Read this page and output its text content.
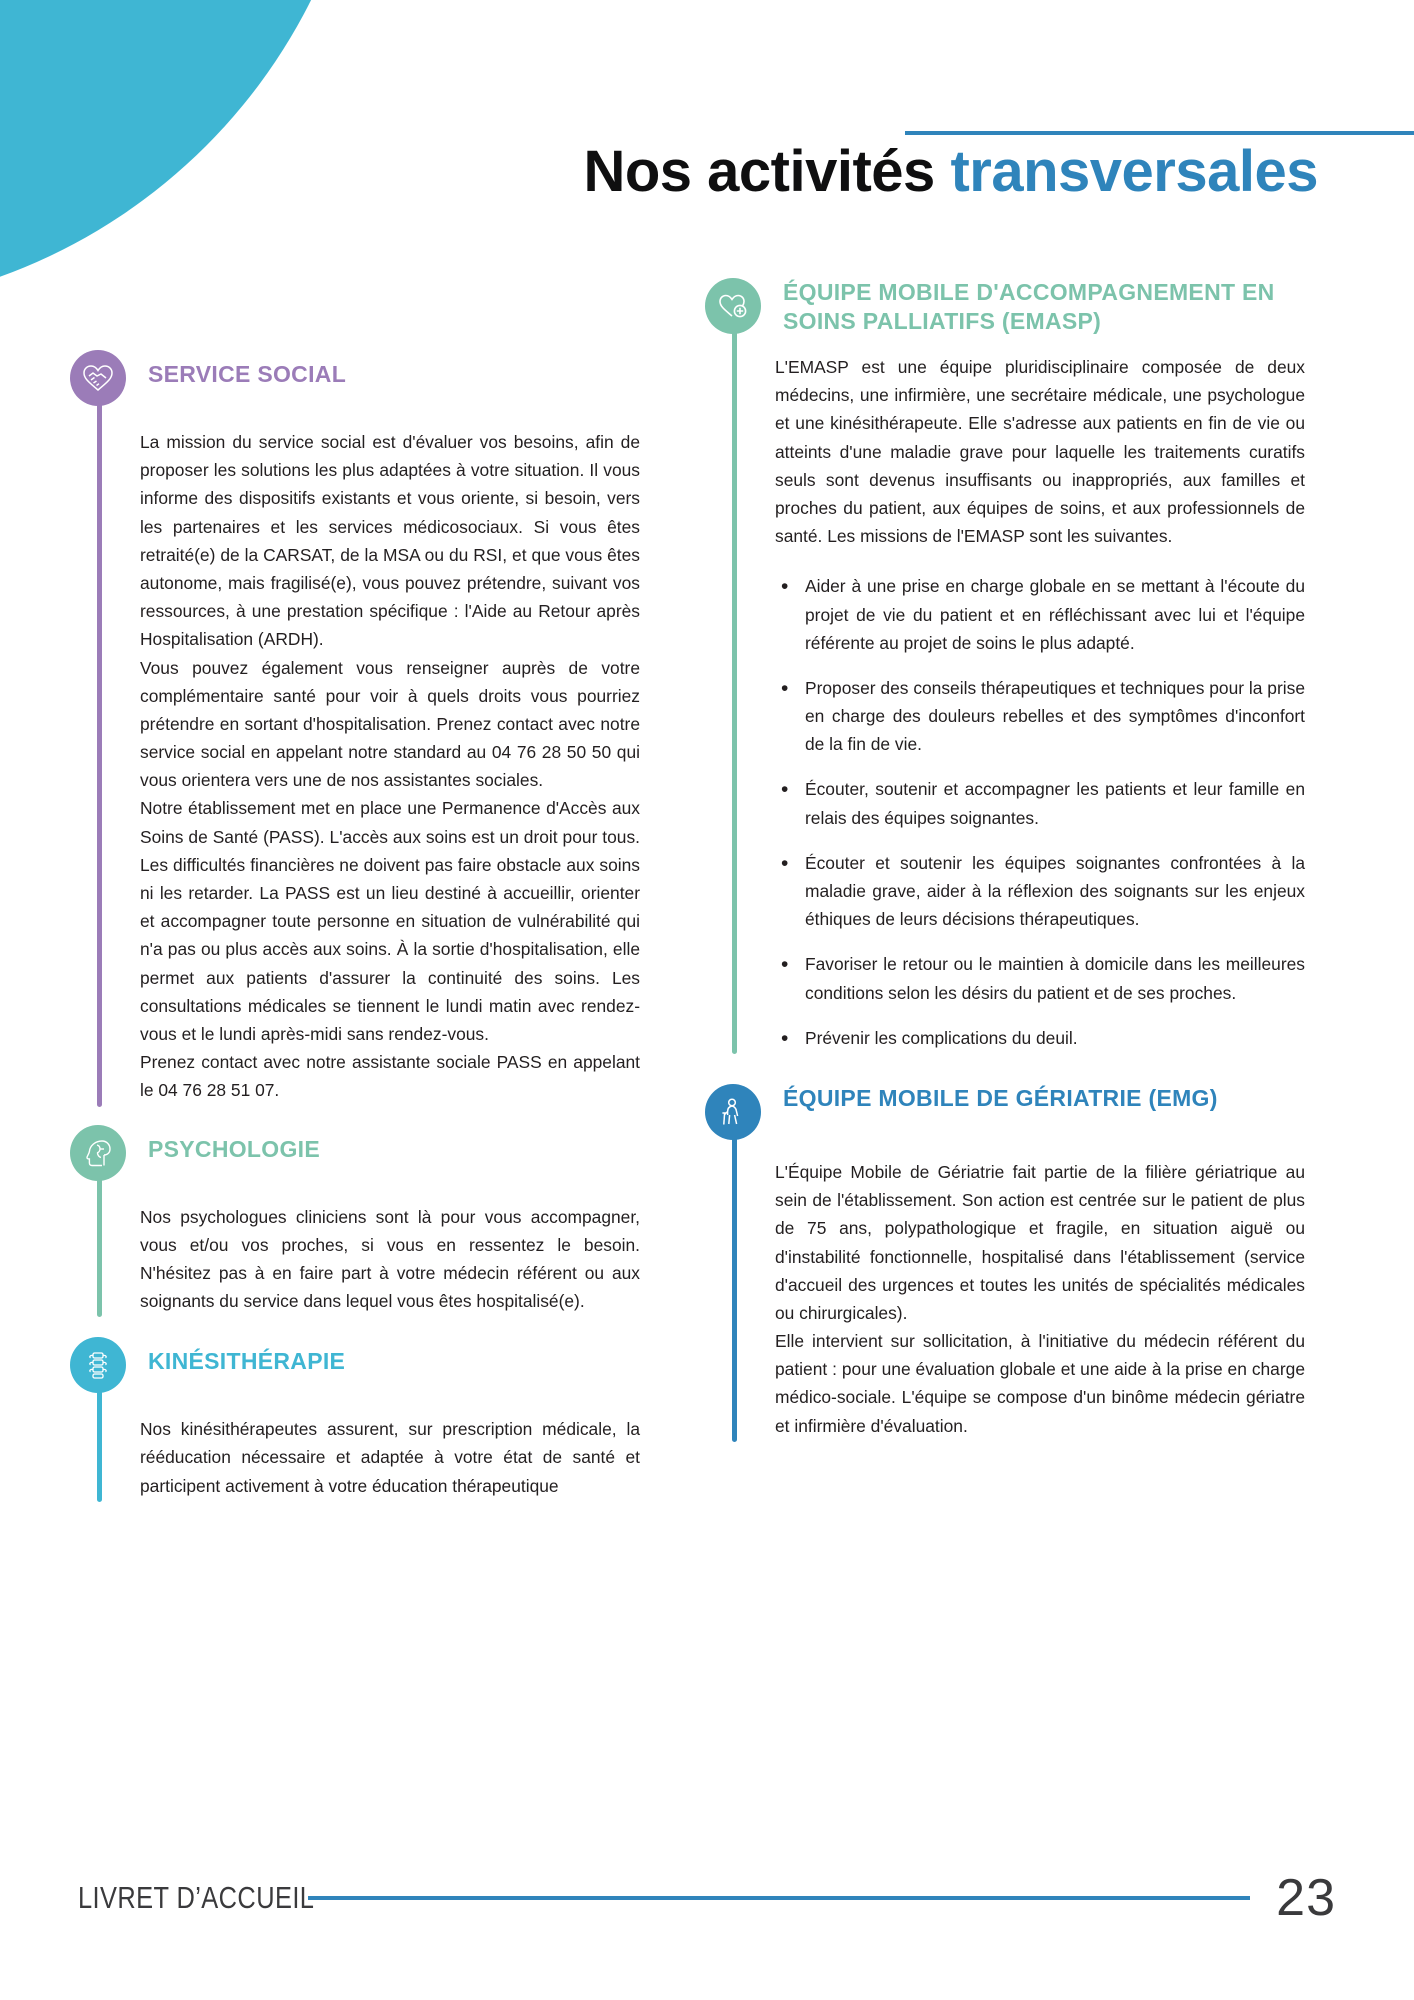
Nos activités transversales
SERVICE SOCIAL

La mission du service social est d'évaluer vos besoins, afin de proposer les solutions les plus adaptées à votre situation. Il vous informe des dispositifs existants et vous oriente, si besoin, vers les partenaires et les services médicosociaux. Si vous êtes retraité(e) de la CARSAT, de la MSA ou du RSI, et que vous êtes autonome, mais fragilisé(e), vous pouvez prétendre, suivant vos ressources, à une prestation spécifique : l'Aide au Retour après Hospitalisation (ARDH).

Vous pouvez également vous renseigner auprès de votre complémentaire santé pour voir à quels droits vous pourriez prétendre en sortant d'hospitalisation. Prenez contact avec notre service social en appelant notre standard au 04 76 28 50 50 qui vous orientera vers une de nos assistantes sociales.

Notre établissement met en place une Permanence d'Accès aux Soins de Santé (PASS). L'accès aux soins est un droit pour tous. Les difficultés financières ne doivent pas faire obstacle aux soins ni les retarder. La PASS est un lieu destiné à accueillir, orienter et accompagner toute personne en situation de vulnérabilité qui n'a pas ou plus accès aux soins. À la sortie d'hospitalisation, elle permet aux patients d'assurer la continuité des soins. Les consultations médicales se tiennent le lundi matin avec rendez-vous et le lundi après-midi sans rendez-vous.

Prenez contact avec notre assistante sociale PASS en appelant le 04 76 28 51 07.

PSYCHOLOGIE

Nos psychologues cliniciens sont là pour vous accompagner, vous et/ou vos proches, si vous en ressentez le besoin. N'hésitez pas à en faire part à votre médecin référent ou aux soignants du service dans lequel vous êtes hospitalisé(e).

KINÉSITHÉRAPIE

Nos kinésithérapeutes assurent, sur prescription médicale, la rééducation nécessaire et adaptée à votre état de santé et participent activement à votre éducation thérapeutique

ÉQUIPE MOBILE D'ACCOMPAGNEMENT EN SOINS PALLIATIFS (EMASP)

L'EMASP est une équipe pluridisciplinaire composée de deux médecins, une infirmière, une secrétaire médicale, une psychologue et une kinésithérapeute. Elle s'adresse aux patients en fin de vie ou atteints d'une maladie grave pour laquelle les traitements curatifs seuls sont devenus insuffisants ou inappropriés, aux familles et proches du patient, aux équipes de soins, et aux professionnels de santé. Les missions de l'EMASP sont les suivantes.

• Aider à une prise en charge globale en se mettant à l'écoute du projet de vie du patient et en réfléchissant avec lui et l'équipe référente au projet de soins le plus adapté.
• Proposer des conseils thérapeutiques et techniques pour la prise en charge des douleurs rebelles et des symptômes d'inconfort de la fin de vie.
• Écouter, soutenir et accompagner les patients et leur famille en relais des équipes soignantes.
• Écouter et soutenir les équipes soignantes confrontées à la maladie grave, aider à la réflexion des soignants sur les enjeux éthiques de leurs décisions thérapeutiques.
• Favoriser le retour ou le maintien à domicile dans les meilleures conditions selon les désirs du patient et de ses proches.
• Prévenir les complications du deuil.
ÉQUIPE MOBILE DE GÉRIATRIE (EMG)

L'Équipe Mobile de Gériatrie fait partie de la filière gériatrique au sein de l'établissement. Son action est centrée sur le patient de plus de 75 ans, polypathologique et fragile, en situation aiguë ou d'instabilité fonctionnelle, hospitalisé dans l'établissement (service d'accueil des urgences et toutes les unités de spécialités médicales ou chirurgicales).

Elle intervient sur sollicitation, à l'initiative du médecin référent du patient : pour une évaluation globale et une aide à la prise en charge médico-sociale. L'équipe se compose d'un binôme médecin gériatre et infirmière d'évaluation.

LIVRET D’ACCUEIL	23
